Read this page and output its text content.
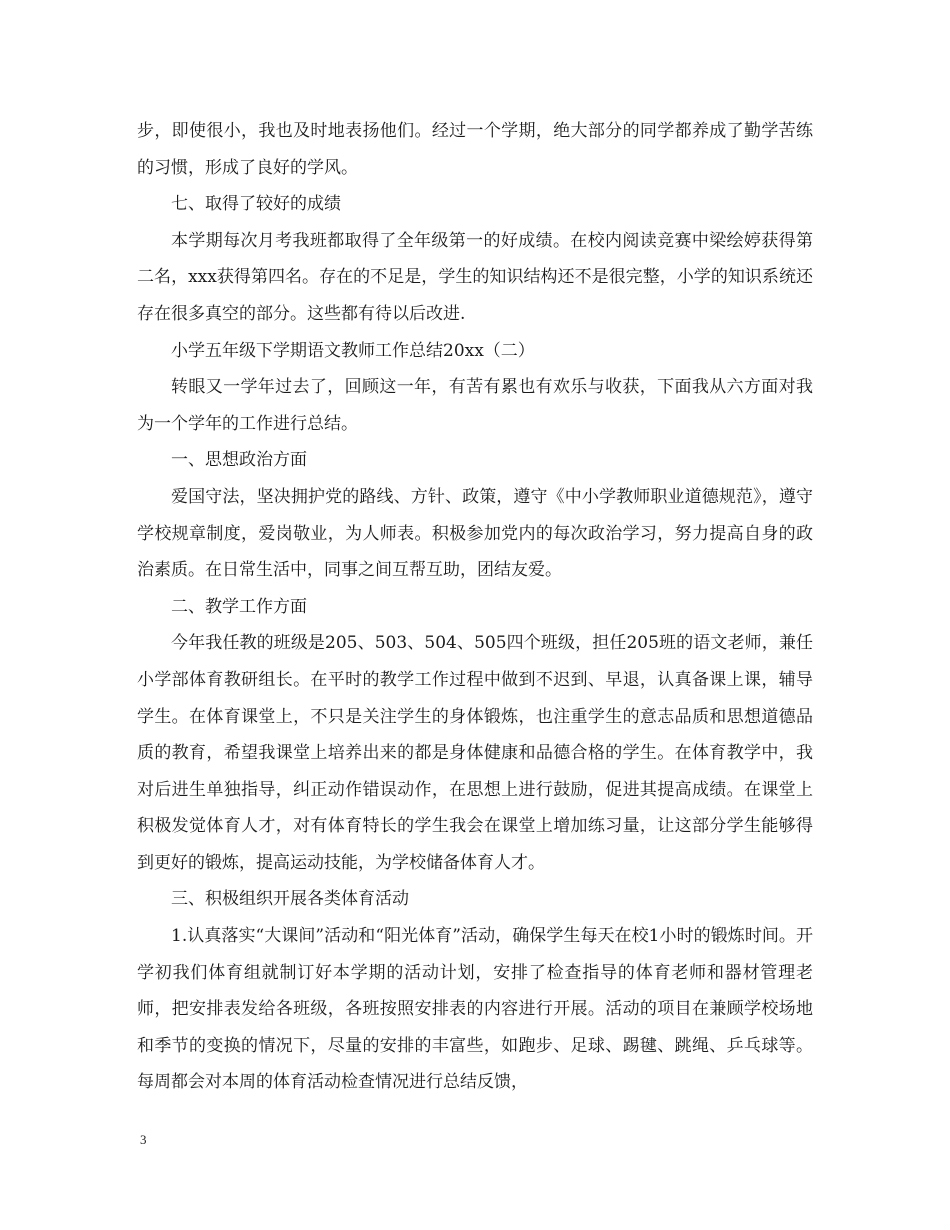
步，即使很小，我也及时地表扬他们。经过一个学期，绝大部分的同学都养成了勤学苦练的习惯，形成了良好的学风。

七、取得了较好的成绩

本学期每次月考我班都取得了全年级第一的好成绩。在校内阅读竞赛中梁绘婷获得第二名，xxx获得第四名。存在的不足是，学生的知识结构还不是很完整，小学的知识系统还存在很多真空的部分。这些都有待以后改进.

小学五年级下学期语文教师工作总结20xx（二）

转眼又一学年过去了，回顾这一年，有苦有累也有欢乐与收获，下面我从六方面对我为一个学年的工作进行总结。

一、思想政治方面

爱国守法，坚决拥护党的路线、方针、政策，遵守《中小学教师职业道德规范》，遵守学校规章制度，爱岗敬业，为人师表。积极参加党内的每次政治学习，努力提高自身的政治素质。在日常生活中，同事之间互帮互助，团结友爱。

二、教学工作方面

今年我任教的班级是205、503、504、505四个班级，担任205班的语文老师，兼任小学部体育教研组长。在平时的教学工作过程中做到不迟到、早退，认真备课上课，辅导学生。在体育课堂上，不只是关注学生的身体锻炼，也注重学生的意志品质和思想道德品质的教育，希望我课堂上培养出来的都是身体健康和品德合格的学生。在体育教学中，我对后进生单独指导，纠正动作错误动作，在思想上进行鼓励，促进其提高成绩。在课堂上积极发觉体育人才，对有体育特长的学生我会在课堂上增加练习量，让这部分学生能够得到更好的锻炼，提高运动技能，为学校储备体育人才。

三、积极组织开展各类体育活动

1.认真落实“大课间”活动和“阳光体育”活动，确保学生每天在校1小时的锻炼时间。开学初我们体育组就制订好本学期的活动计划，安排了检查指导的体育老师和器材管理老师，把安排表发给各班级，各班按照安排表的内容进行开展。活动的项目在兼顾学校场地和季节的变换的情况下，尽量的安排的丰富些，如跑步、足球、踢毽、跳绳、乒乓球等。每周都会对本周的体育活动检查情况进行总结反馈，

3
